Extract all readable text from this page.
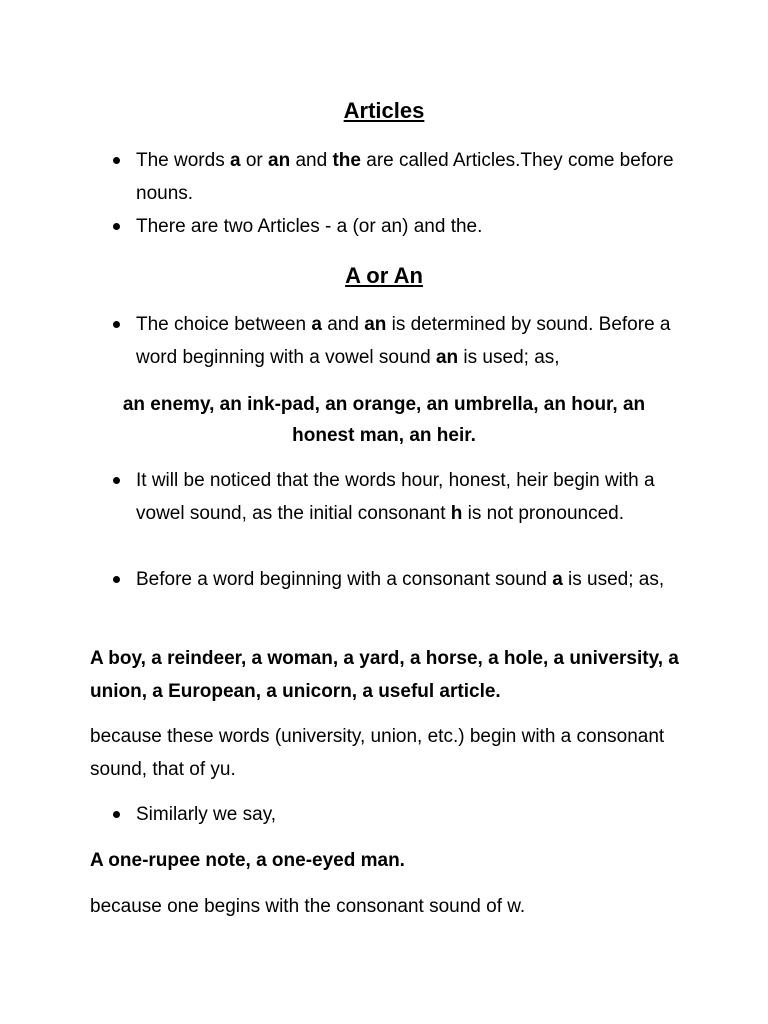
Articles
The words a or an and the are called Articles.They come before nouns.
There are two Articles - a (or an) and the.
A or An
The choice between a and an is determined by sound. Before a word beginning with a vowel sound an is used; as,
an enemy, an ink-pad, an orange, an umbrella, an hour, an honest man, an heir.
It will be noticed that the words hour, honest, heir begin with a vowel sound, as the initial consonant h is not pronounced.
Before a word beginning with a consonant sound a is used; as,
A boy, a reindeer, a woman, a yard, a horse, a hole, a university, a union, a European, a unicorn, a useful article.
because these words (university, union, etc.) begin with a consonant sound, that of yu.
Similarly we say,
A one-rupee note, a one-eyed man.
because one begins with the consonant sound of w.
